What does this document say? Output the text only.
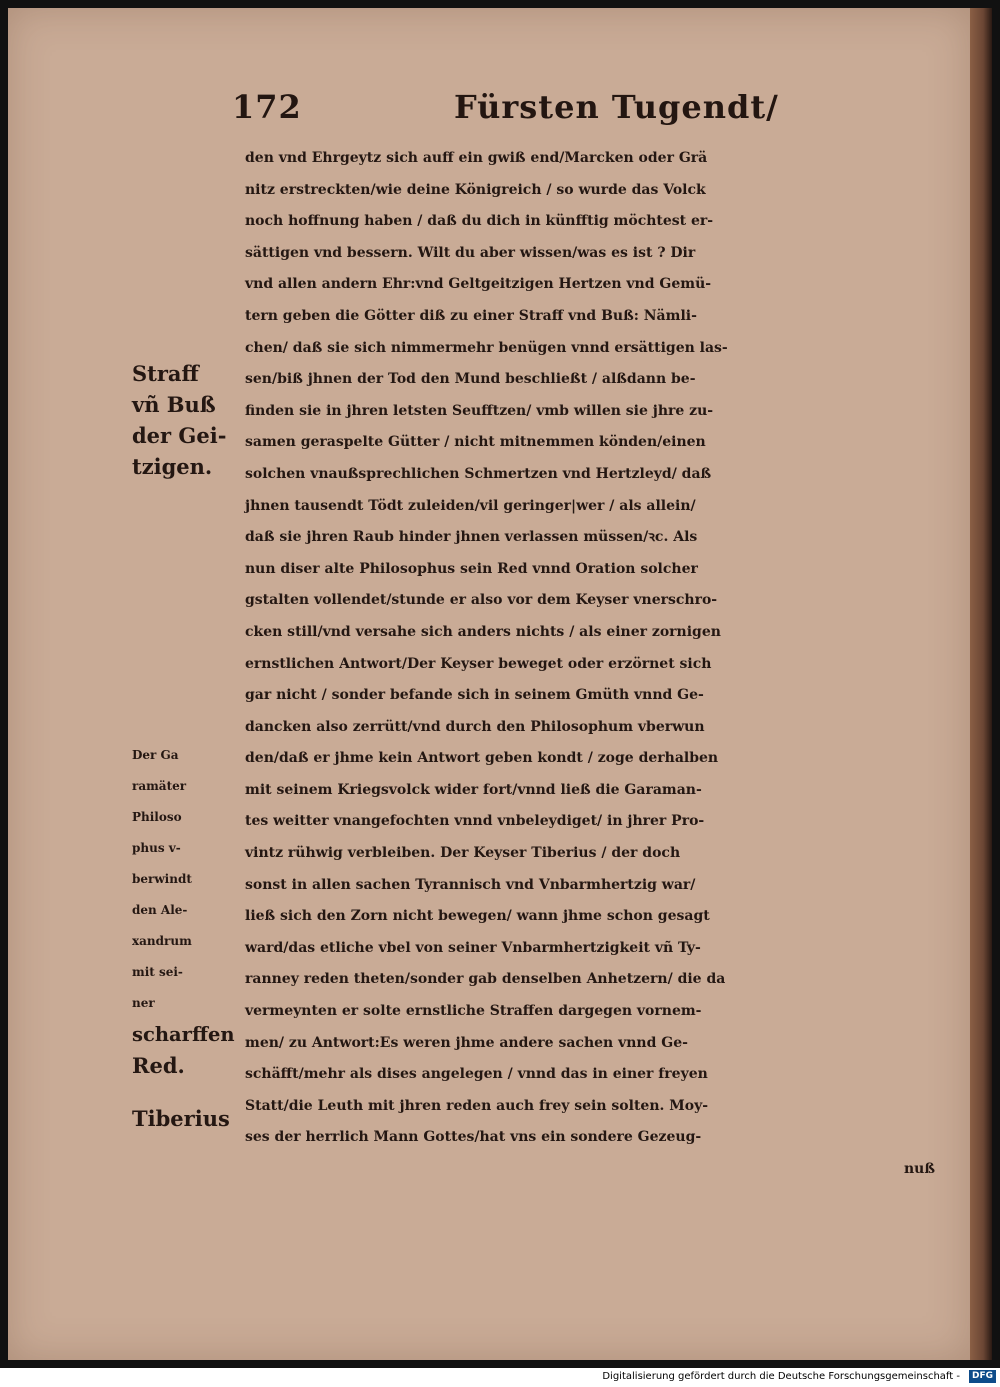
172	Fürsten Tugendt/
den vnd Ehrgeytz sich auff ein gwiß end/Marcken oder Grä
nitz erstreckten/wie deine Königreich / so wurde das Volck
noch hoffnung haben / daß du dich in künfftig möchtest er-
sättigen vnd bessern. Wilt du aber wissen/was es ist ? Dir
vnd allen andern Ehr:vnd Geltgeitzigen Hertzen vnd Gemü-
tern geben die Götter diß zu einer Straff vnd Buß: Nämli-
chen/ daß sie sich nimmermehr benügen vnnd ersättigen las-
sen/biß jhnen der Tod den Mund beschließt / alßdann be-
finden sie in jhren letsten Seufftzen/ vmb willen sie jhre zu-
samen geraspelte Gütter / nicht mitnemmen könden/einen
solchen vnaußsprechlichen Schmertzen vnd Hertzleyd/ daß
jhnen tausendt Tödt zuleiden/vil geringer|wer / als allein/
daß sie jhren Raub hinder jhnen verlassen müssen/ꝛc. Als
nun diser alte Philosophus sein Red vnnd Oration solcher
gstalten vollendet/stunde er also vor dem Keyser vnerschro-
cken still/vnd versahe sich anders nichts / als einer zornigen
ernstlichen Antwort/Der Keyser beweget oder erzörnet sich
gar nicht / sonder befande sich in seinem Gmüth vnnd Ge-
dancken also zerrütt/vnd durch den Philosophum vberwun
den/daß er jhme kein Antwort geben kondt / zoge derhalben
mit seinem Kriegsvolck wider fort/vnnd ließ die Garaman-
tes weitter vnangefochten vnnd vnbeleydiget/ in jhrer Pro-
vintz rühwig verbleiben. Der Keyser Tiberius / der doch
sonst in allen sachen Tyrannisch vnd Vnbarmhertzig war/
ließ sich den Zorn nicht bewegen/ wann jhme schon gesagt
ward/das etliche vbel von seiner Vnbarmhertzigkeit vñ Ty-
ranney reden theten/sonder gab denselben Anhetzern/ die da
vermeynten er solte ernstliche Straffen dargegen vornem-
men/ zu Antwort:Es weren jhme andere sachen vnnd Ge-
schäfft/mehr als dises angelegen / vnnd das in einer freyen
Statt/die Leuth mit jhren reden auch frey sein solten. Moy-
ses der herrlich Mann Gottes/hat vns ein sondere Gezeug-
nuß
Straff
vñ Buß
der Gei-
tzigen.
Der Ga
ramäter
Philoso
phus v-
berwindt
den Ale-
xandrum
mit sei-
ner
scharffen
Red.
Tiberius
Digitalisierung gefördert durch die Deutsche Forschungsgemeinschaft -	DFG
